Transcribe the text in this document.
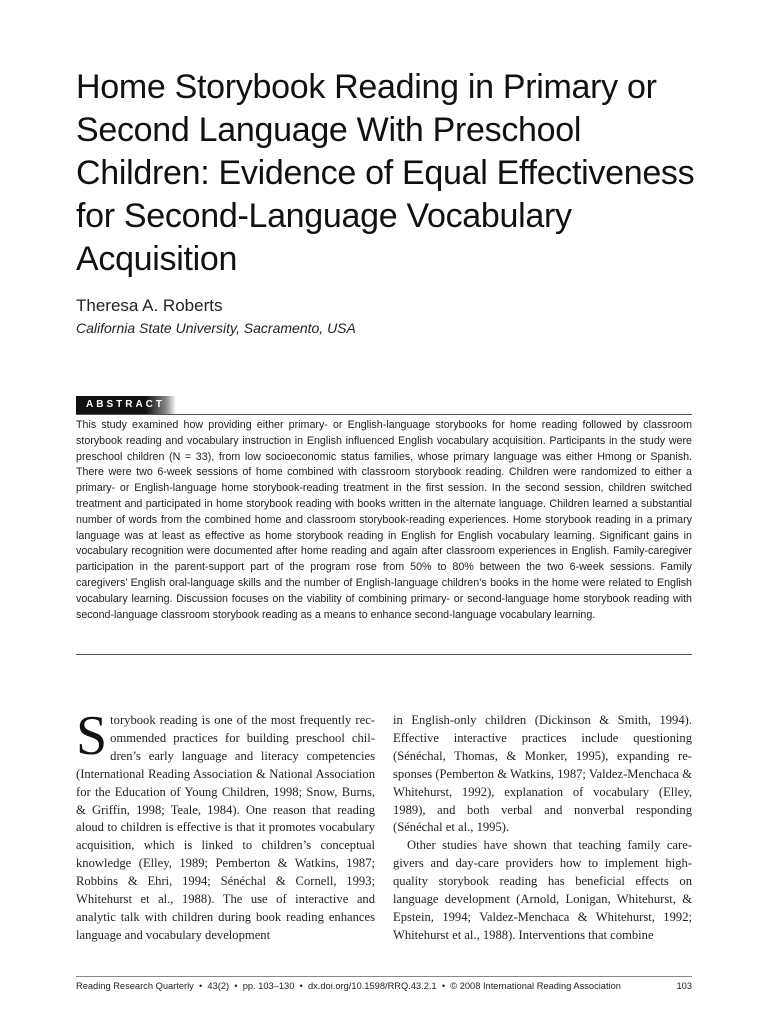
Home Storybook Reading in Primary or Second Language With Preschool Children: Evidence of Equal Effectiveness for Second-Language Vocabulary Acquisition
Theresa A. Roberts
California State University, Sacramento, USA
ABSTRACT

This study examined how providing either primary- or English-language storybooks for home reading followed by classroom storybook reading and vocabulary instruction in English influenced English vocabulary acquisition. Participants in the study were preschool children (N = 33), from low socioeconomic status families, whose primary language was either Hmong or Spanish. There were two 6-week sessions of home combined with classroom storybook reading. Children were randomized to either a primary- or English-language home storybook-reading treatment in the first session. In the second session, children switched treatment and participated in home storybook reading with books written in the alternate language. Children learned a substantial number of words from the combined home and classroom storybook-reading experiences. Home storybook reading in a primary language was at least as effective as home storybook reading in English for English vocabulary learning. Significant gains in vocabulary recognition were documented after home reading and again after classroom experiences in English. Family-caregiver participation in the parent-support part of the program rose from 50% to 80% between the two 6-week sessions. Family caregivers’ English oral-language skills and the number of English-language children’s books in the home were related to English vocabulary learning. Discussion focuses on the viability of combining primary- or second-language home storybook reading with second-language classroom storybook reading as a means to enhance second-language vocabulary learning.

Storybook reading is one of the most frequently recommended practices for building preschool children’s early language and literacy competencies (International Reading Association & National Association for the Education of Young Children, 1998; Snow, Burns, & Griffin, 1998; Teale, 1984). One reason that reading aloud to children is effective is that it promotes vocabulary acquisition, which is linked to children’s conceptual knowledge (Elley, 1989; Pemberton & Watkins, 1987; Robbins & Ehri, 1994; Sénéchal & Cornell, 1993; Whitehurst et al., 1988). The use of interactive and analytic talk with children during book reading enhances language and vocabulary development

in English-only children (Dickinson & Smith, 1994). Effective interactive practices include questioning (Sénéchal, Thomas, & Monker, 1995), expanding responses (Pemberton & Watkins, 1987; Valdez-Menchaca & Whitehurst, 1992), explanation of vocabulary (Elley, 1989), and both verbal and nonverbal responding (Sénéchal et al., 1995).

Other studies have shown that teaching family caregivers and day-care providers how to implement high-quality storybook reading has beneficial effects on language development (Arnold, Lonigan, Whitehurst, & Epstein, 1994; Valdez-Menchaca & Whitehurst, 1992; Whitehurst et al., 1988). Interventions that combine

Reading Research Quarterly  •  43(2)  •  pp. 103–130  •  dx.doi.org/10.1598/RRQ.43.2.1  •  © 2008 International Reading Association	103
